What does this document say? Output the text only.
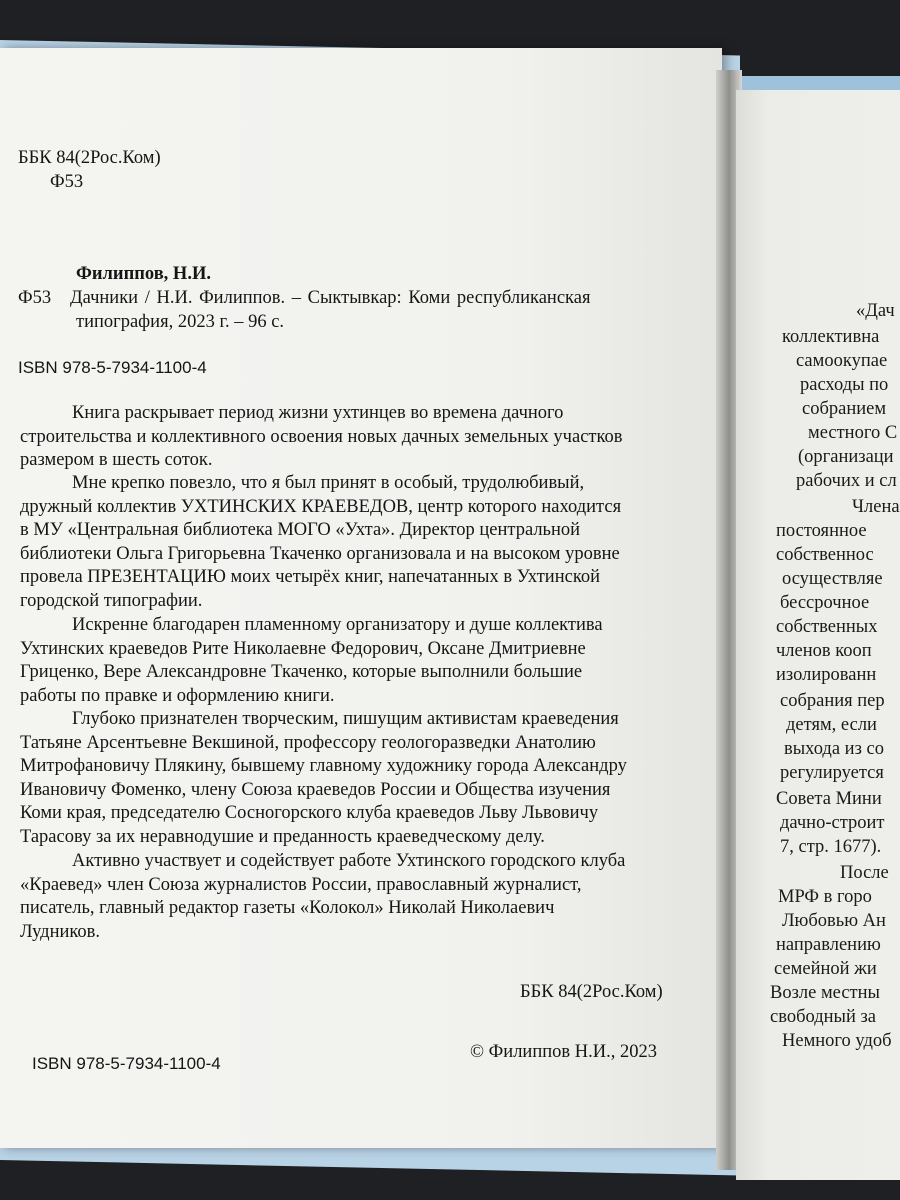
ББК 84(2Рос.Ком)
Ф53
Филиппов, Н.И.
Ф53 Дачники / Н.И. Филиппов. – Сыктывкар: Коми республиканская
типография, 2023 г. – 96 с.
ISBN 978-5-7934-1100-4
Книга раскрывает период жизни ухтинцев во времена дачного
строительства и коллективного освоения новых дачных земельных участков
размером в шесть соток.
Мне крепко повезло, что я был принят в особый, трудолюбивый,
дружный коллектив УХТИНСКИХ КРАЕВЕДОВ, центр которого находится
в МУ «Центральная библиотека МОГО «Ухта». Директор центральной
библиотеки Ольга Григорьевна Ткаченко организовала и на высоком уровне
провела ПРЕЗЕНТАЦИЮ моих четырёх книг, напечатанных в Ухтинской
городской типографии.
Искренне благодарен пламенному организатору и душе коллектива
Ухтинских краеведов Рите Николаевне Федорович, Оксане Дмитриевне
Гриценко, Вере Александровне Ткаченко, которые выполнили большие
работы по правке и оформлению книги.
Глубоко признателен творческим, пишущим активистам краеведения
Татьяне Арсентьевне Векшиной, профессору геологоразведки Анатолию
Митрофановичу Плякину, бывшему главному художнику города Александру
Ивановичу Фоменко, члену Союза краеведов России и Общества изучения
Коми края, председателю Сосногорского клуба краеведов Льву Львовичу
Тарасову за их неравнодушие и преданность краеведческому делу.
Активно участвует и содействует работе Ухтинского городского клуба
«Краевед» член Союза журналистов России, православный журналист,
писатель, главный редактор газеты «Колокол» Николай Николаевич
Лудников.
ББК 84(2Рос.Ком)
ISBN 978-5-7934-1100-4
© Филиппов Н.И., 2023
«Дач
коллективна
самоокупае
расходы по
собранием
местного С
(организаци
рабочих и сл
Члена
постоянное
собственнос
осуществляе
бессрочное
собственных
членов кооп
изолированн
собрания пер
детям, если
выхода из со
регулируется
Совета Мини
дачно-строит
7, стр. 1677).
После
МРФ в горо
Любовью Ан
направлению
семейной жи
Возле местны
свободный за
Немного удоб
